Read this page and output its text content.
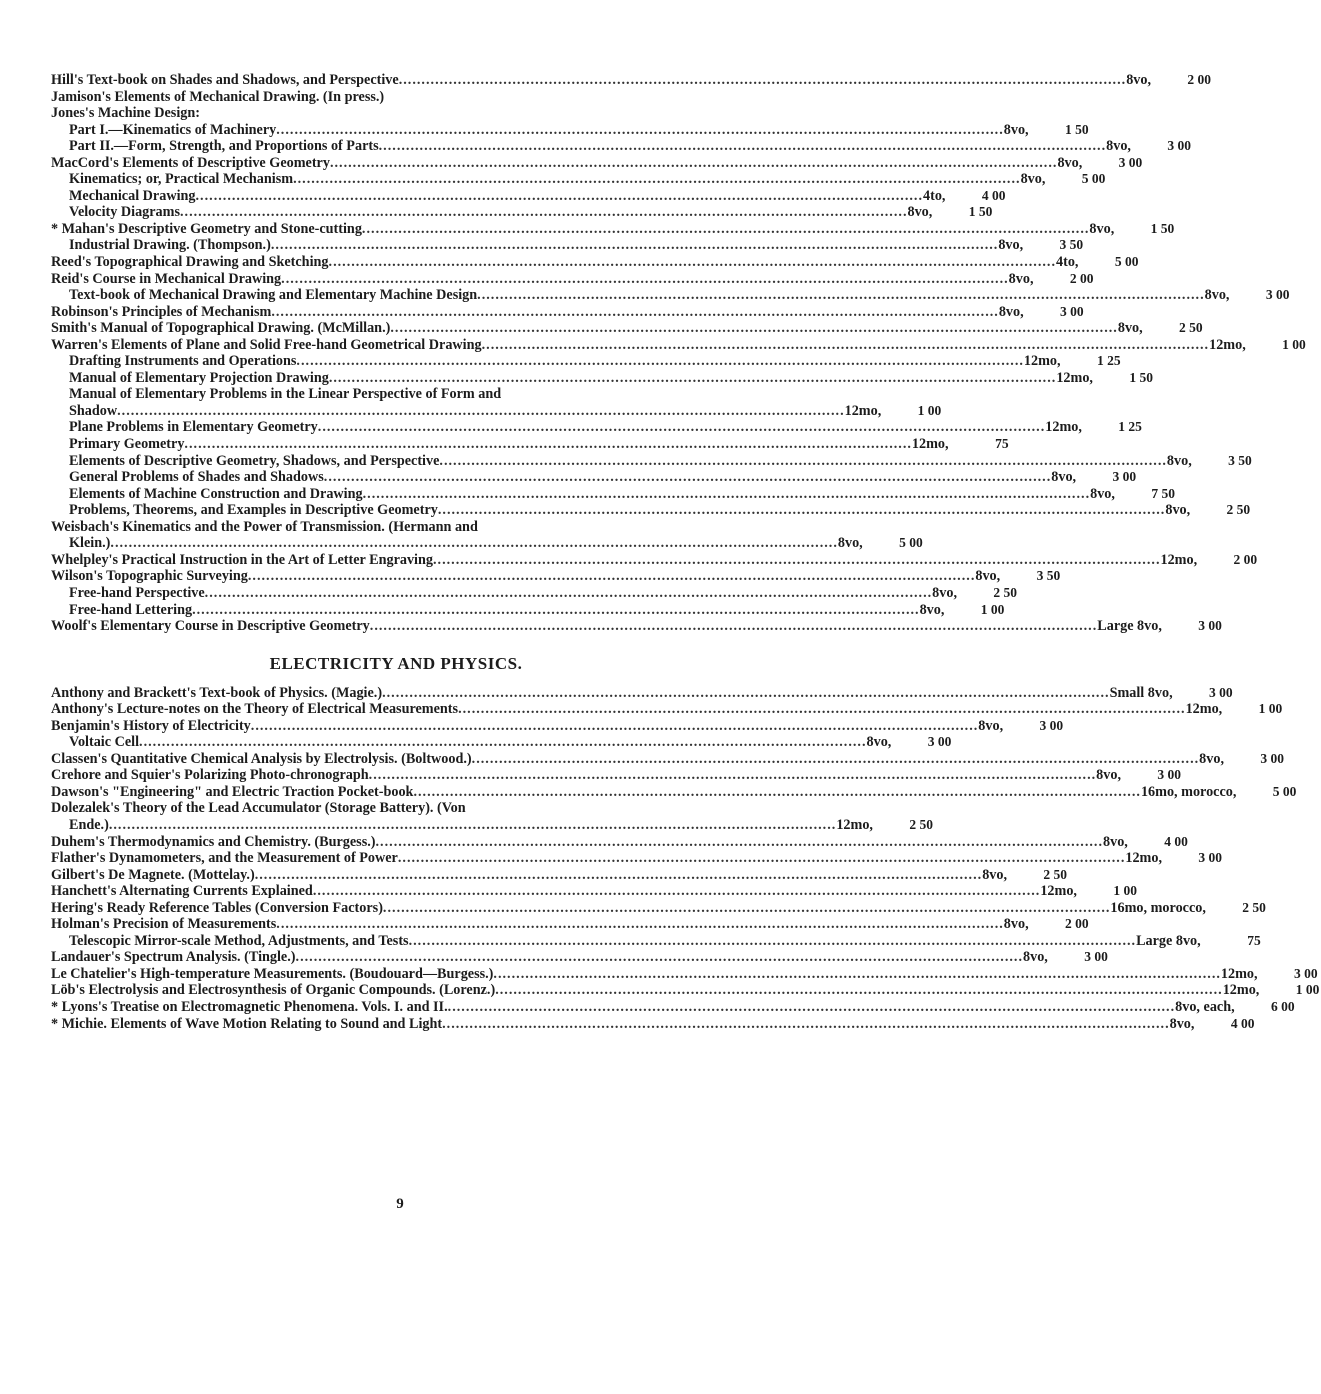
Hill's Text-book on Shades and Shadows, and Perspective .....	8vo,	2 00
Jamison's Elements of Mechanical Drawing. (In press.)
Jones's Machine Design:
Part I.—Kinematics of Machinery .....	8vo,	1 50
Part II.—Form, Strength, and Proportions of Parts .....	8vo,	3 00
MacCord's Elements of Descriptive Geometry .....	8vo,	3 00
Kinematics; or, Practical Mechanism .....	8vo,	5 00
Mechanical Drawing .....	4to,	4 00
Velocity Diagrams .....	8vo,	1 50
* Mahan's Descriptive Geometry and Stone-cutting .....	8vo,	1 50
Industrial Drawing. (Thompson.) .....	8vo,	3 50
Reed's Topographical Drawing and Sketching .....	4to,	5 00
Reid's Course in Mechanical Drawing .....	8vo,	2 00
Text-book of Mechanical Drawing and Elementary Machine Design .....	8vo,	3 00
Robinson's Principles of Mechanism .....	8vo,	3 00
Smith's Manual of Topographical Drawing. (McMillan.) .....	8vo,	2 50
Warren's Elements of Plane and Solid Free-hand Geometrical Drawing .....	12mo,	1 00
Drafting Instruments and Operations .....	12mo,	1 25
Manual of Elementary Projection Drawing .....	12mo,	1 50
Manual of Elementary Problems in the Linear Perspective of Form and
Shadow .....	12mo,	1 00
Plane Problems in Elementary Geometry .....	12mo,	1 25
Primary Geometry .....	12mo,	75
Elements of Descriptive Geometry, Shadows, and Perspective .....	8vo,	3 50
General Problems of Shades and Shadows .....	8vo,	3 00
Elements of Machine Construction and Drawing .....	8vo,	7 50
Problems, Theorems, and Examples in Descriptive Geometry .....	8vo,	2 50
Weisbach's Kinematics and the Power of Transmission. (Hermann and
Klein.) .....	8vo,	5 00
Whelpley's Practical Instruction in the Art of Letter Engraving .....	12mo,	2 00
Wilson's Topographic Surveying .....	8vo,	3 50
Free-hand Perspective .....	8vo,	2 50
Free-hand Lettering .....	8vo,	1 00
Woolf's Elementary Course in Descriptive Geometry .....	Large 8vo,	3 00
ELECTRICITY AND PHYSICS.
Anthony and Brackett's Text-book of Physics. (Magie.) .....	Small 8vo,	3 00
Anthony's Lecture-notes on the Theory of Electrical Measurements .....	12mo,	1 00
Benjamin's History of Electricity .....	8vo,	3 00
Voltaic Cell .....	8vo,	3 00
Classen's Quantitative Chemical Analysis by Electrolysis. (Boltwood.) .....	8vo,	3 00
Crehore and Squier's Polarizing Photo-chronograph .....	8vo,	3 00
Dawson's "Engineering" and Electric Traction Pocket-book .....	16mo, morocco,	5 00
Dolezalek's Theory of the Lead Accumulator (Storage Battery). (Von
Ende.) .....	12mo,	2 50
Duhem's Thermodynamics and Chemistry. (Burgess.) .....	8vo,	4 00
Flather's Dynamometers, and the Measurement of Power .....	12mo,	3 00
Gilbert's De Magnete. (Mottelay.) .....	8vo,	2 50
Hanchett's Alternating Currents Explained .....	12mo,	1 00
Hering's Ready Reference Tables (Conversion Factors) .....	16mo, morocco,	2 50
Holman's Precision of Measurements .....	8vo,	2 00
Telescopic Mirror-scale Method, Adjustments, and Tests .....	Large 8vo,	75
Landauer's Spectrum Analysis. (Tingle.) .....	8vo,	3 00
Le Chatelier's High-temperature Measurements. (Boudouard—Burgess.) .....	12mo,	3 00
Löb's Electrolysis and Electrosynthesis of Organic Compounds. (Lorenz.) .....	12mo,	1 00
* Lyons's Treatise on Electromagnetic Phenomena. Vols. I. and II. .....	8vo, each,	6 00
* Michie. Elements of Wave Motion Relating to Sound and Light .....	8vo,	4 00
9
